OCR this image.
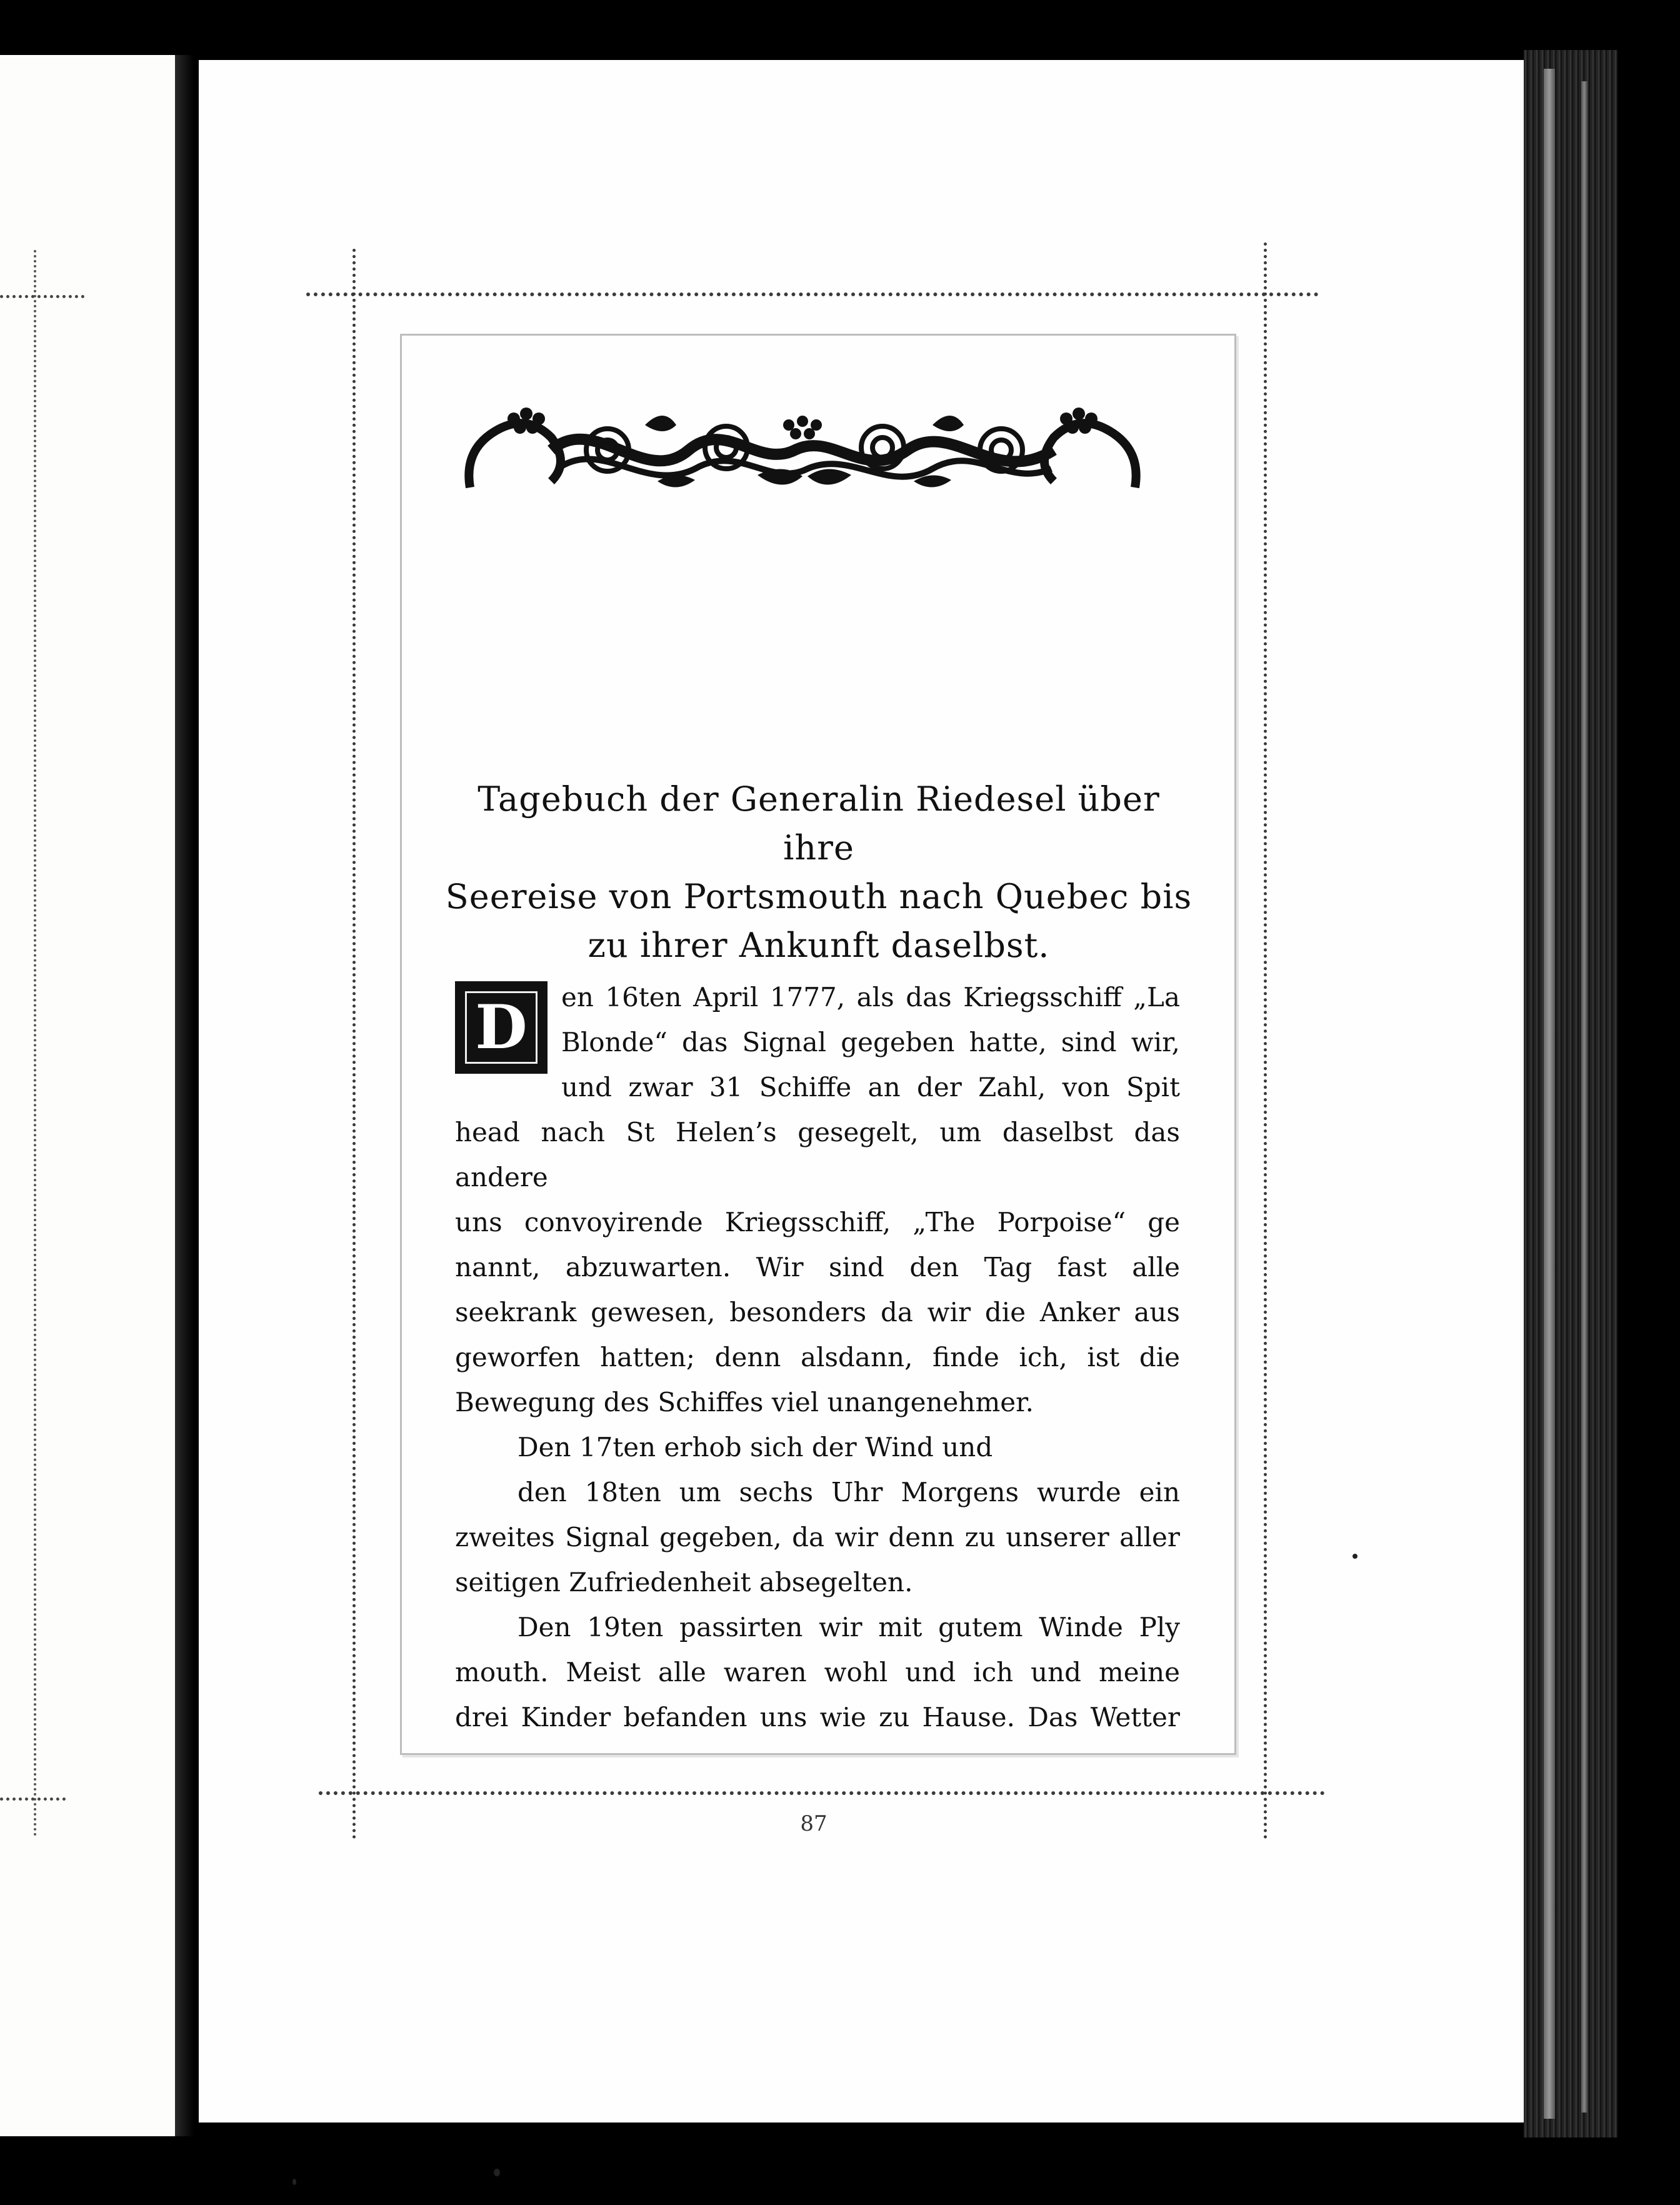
Tagebuch der Generalin Riedesel über ihre
Seereise von Portsmouth nach Quebec bis
zu ihrer Ankunft daselbst.
D	en 16ten April 1777, als das Kriegsschiff „La

Blonde“ das Signal gegeben hatte, sind wir,

und zwar 31 Schiffe an der Zahl, von Spit

head nach St Helen’s gesegelt, um daselbst das andere

uns convoyirende Kriegsschiff, „The Porpoise“ ge

nannt, abzuwarten. Wir sind den Tag fast alle

seekrank gewesen, besonders da wir die Anker aus

geworfen hatten; denn alsdann, finde ich, ist die

Bewegung des Schiffes viel unangenehmer.

Den 17ten erhob sich der Wind und

den 18ten um sechs Uhr Morgens wurde ein

zweites Signal gegeben, da wir denn zu unserer aller

seitigen Zufriedenheit absegelten.

Den 19ten passirten wir mit gutem Winde Ply

mouth. Meist alle waren wohl und ich und meine

drei Kinder befanden uns wie zu Hause. Das Wetter

87
